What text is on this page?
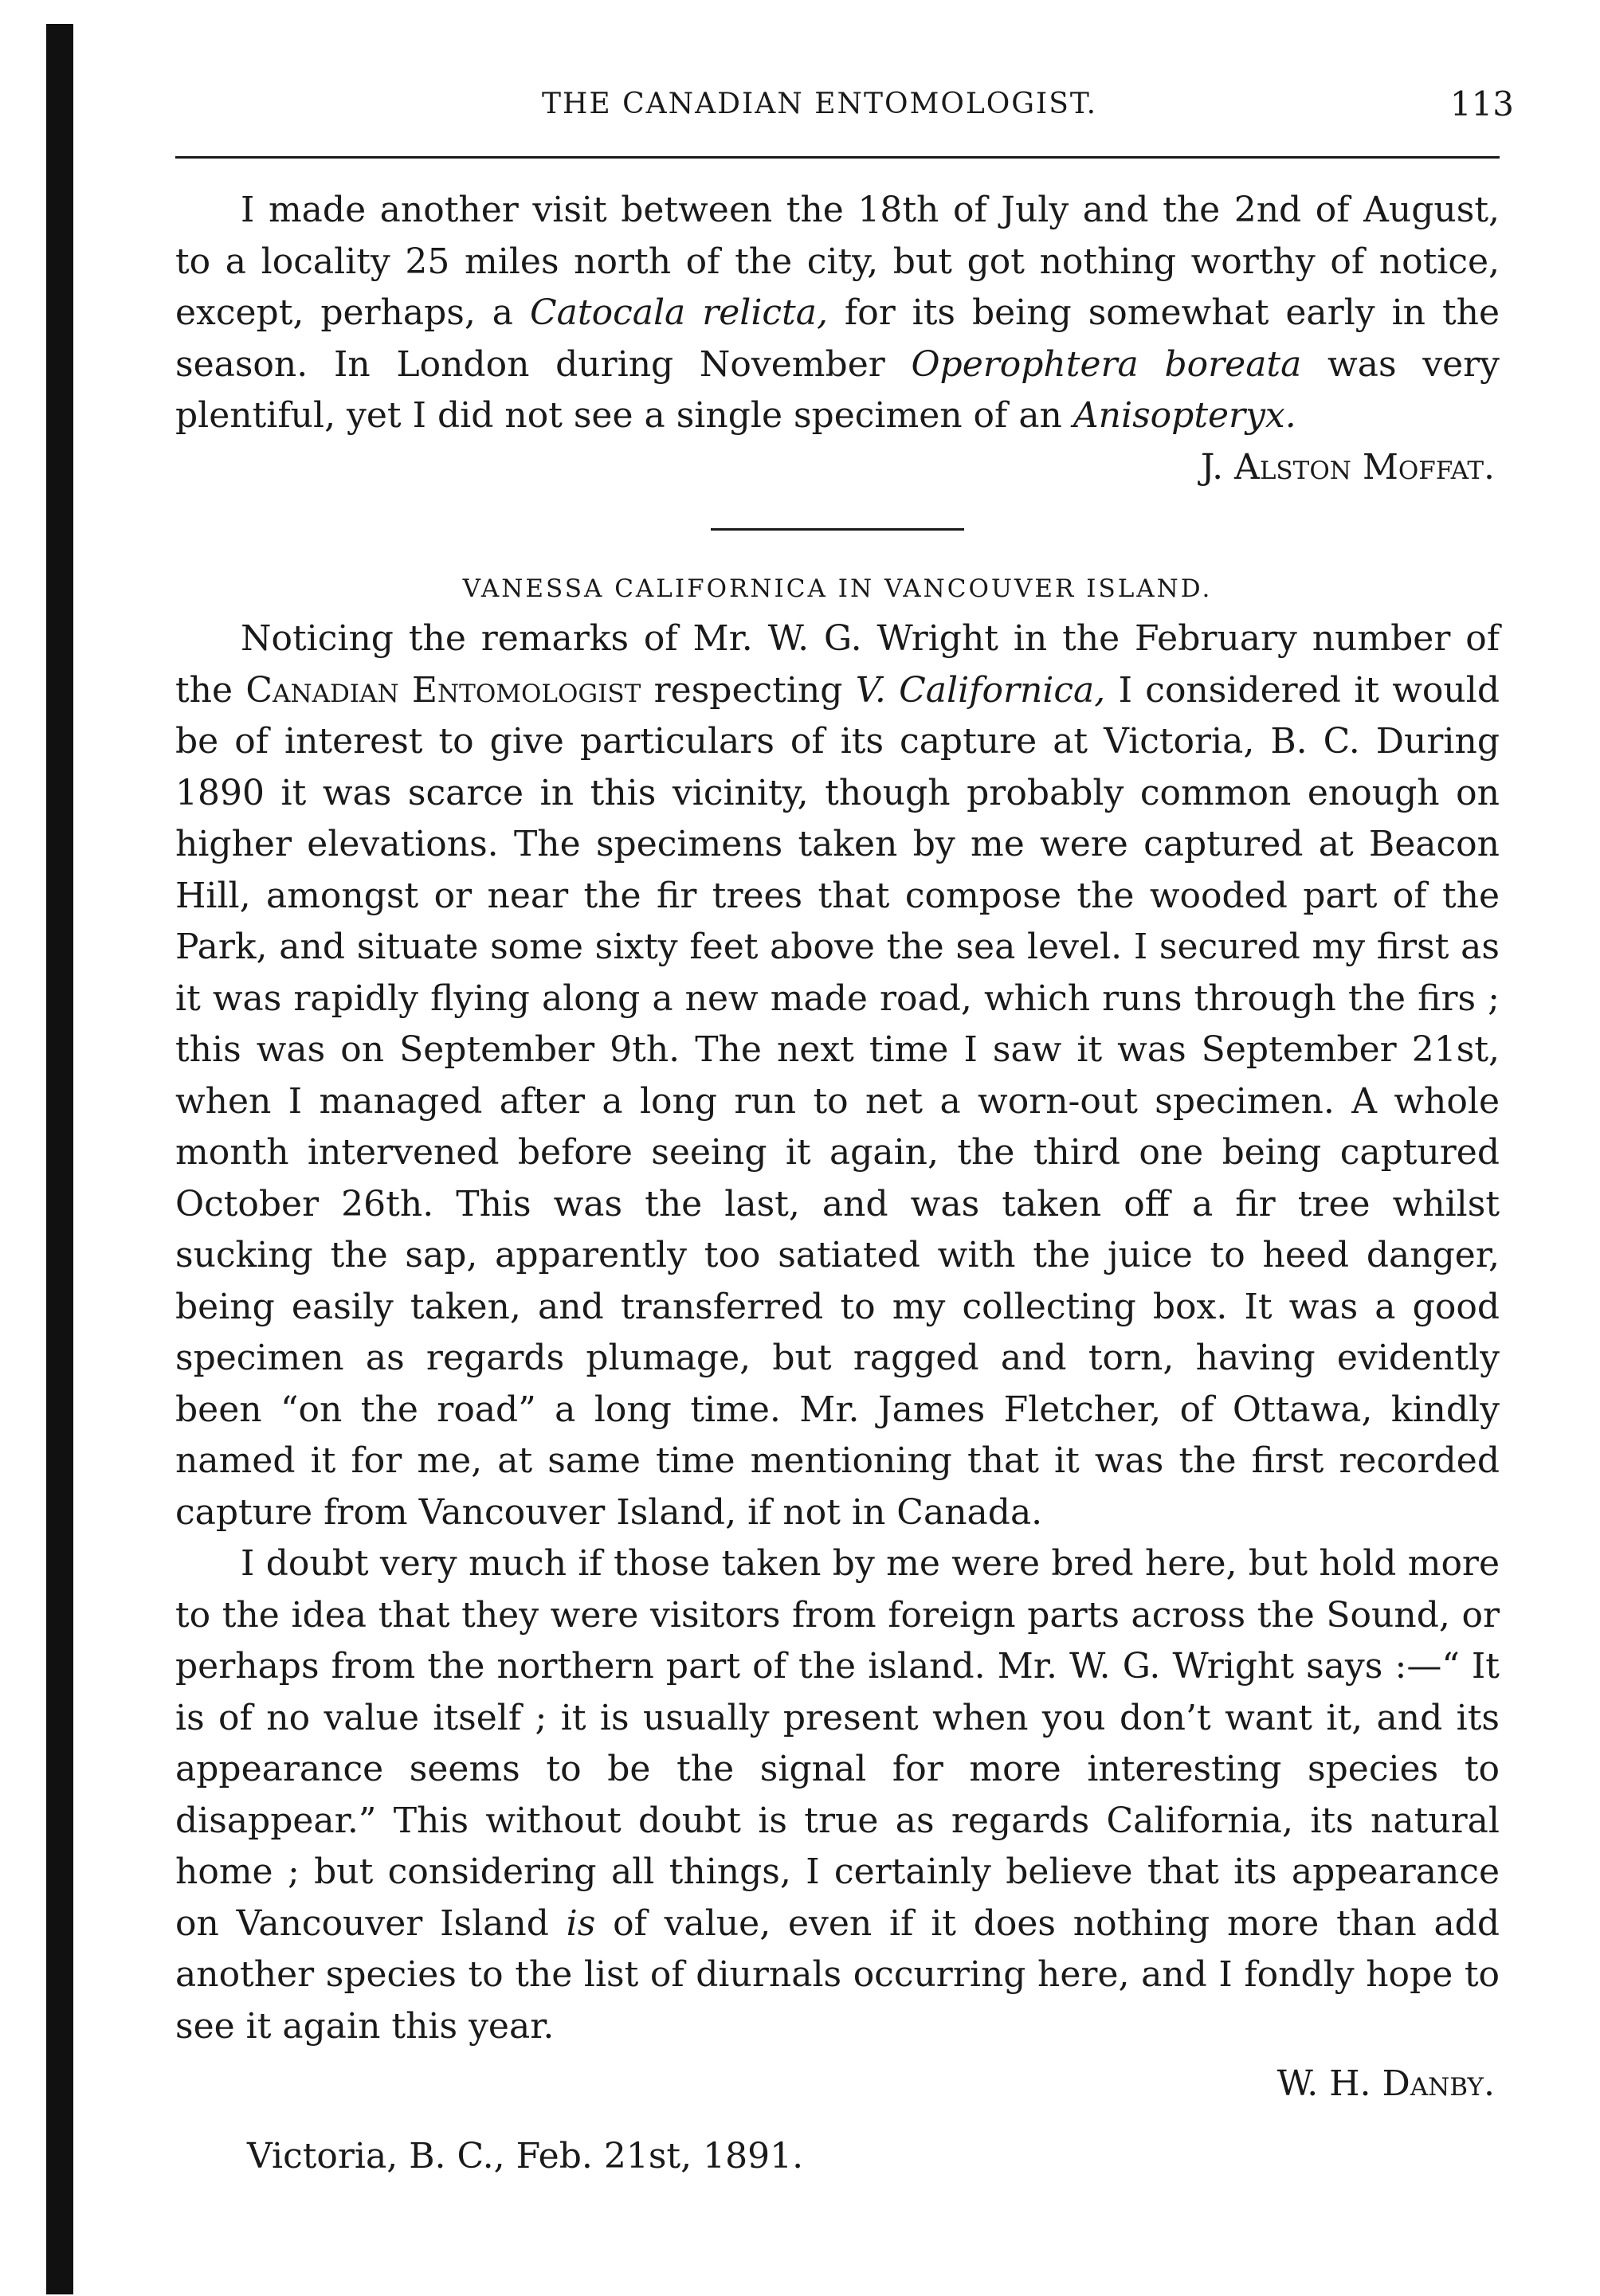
THE CANADIAN ENTOMOLOGIST.	113

I made another visit between the 18th of July and the 2nd of August, to a locality 25 miles north of the city, but got nothing worthy of notice, except, perhaps, a Catocala relicta, for its being somewhat early in the season. In London during November Operophtera boreata was very plentiful, yet I did not see a single specimen of an Anisopteryx.

J. Alston Moffat.

VANESSA CALIFORNICA IN VANCOUVER ISLAND.

Noticing the remarks of Mr. W. G. Wright in the February number of the Canadian Entomologist respecting V. Californica, I considered it would be of interest to give particulars of its capture at Victoria, B. C. During 1890 it was scarce in this vicinity, though probably common enough on higher elevations. The specimens taken by me were captured at Beacon Hill, amongst or near the fir trees that compose the wooded part of the Park, and situate some sixty feet above the sea level. I secured my first as it was rapidly flying along a new made road, which runs through the firs ; this was on September 9th. The next time I saw it was September 21st, when I managed after a long run to net a worn-out specimen. A whole month intervened before seeing it again, the third one being captured October 26th. This was the last, and was taken off a fir tree whilst sucking the sap, apparently too satiated with the juice to heed danger, being easily taken, and transferred to my collecting box. It was a good specimen as regards plumage, but ragged and torn, having evidently been “on the road” a long time. Mr. James Fletcher, of Ottawa, kindly named it for me, at same time mentioning that it was the first recorded capture from Vancouver Island, if not in Canada.

I doubt very much if those taken by me were bred here, but hold more to the idea that they were visitors from foreign parts across the Sound, or perhaps from the northern part of the island. Mr. W. G. Wright says :—“ It is of no value itself ; it is usually present when you don’t want it, and its appearance seems to be the signal for more interesting species to disappear.” This without doubt is true as regards California, its natural home ; but considering all things, I certainly believe that its appearance on Vancouver Island is of value, even if it does nothing more than add another species to the list of diurnals occurring here, and I fondly hope to see it again this year.

W. H. Danby.

Victoria, B. C., Feb. 21st, 1891.
